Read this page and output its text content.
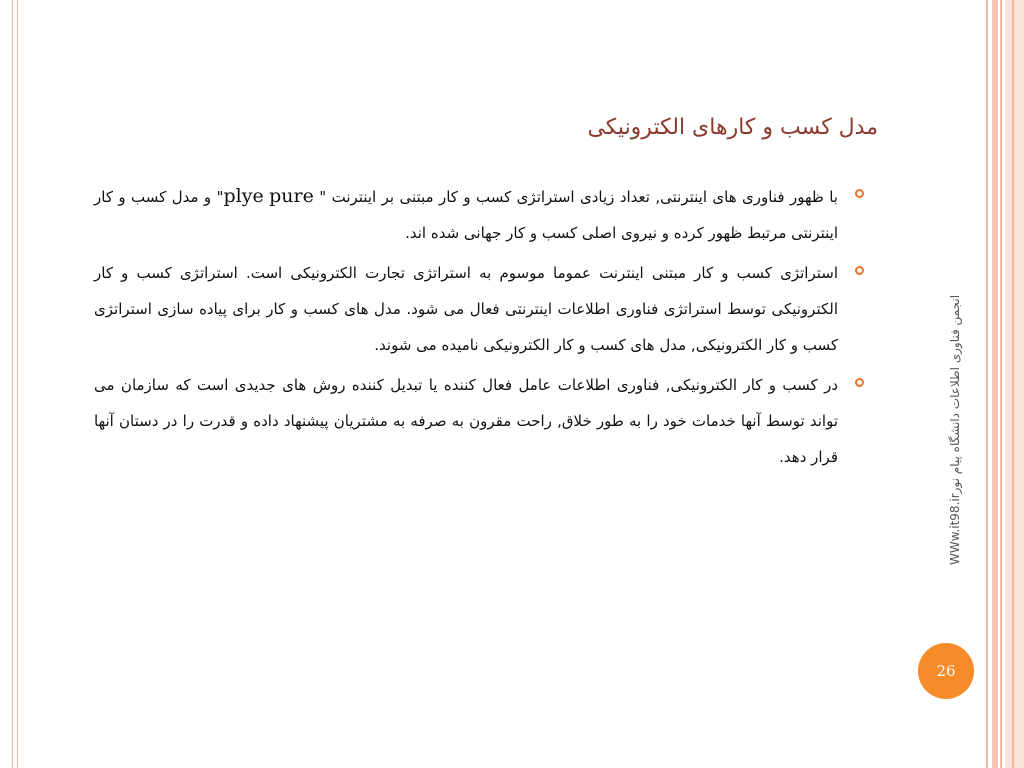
مدل کسب و کارهای الکترونیکی
با ظهور فناوری های اینترنتی, تعداد زیادی استراتژی کسب و کار مبتنی بر اینترنت " pure plye" و مدل کسب و کار اینترنتی مرتبط ظهور کرده و نیروی اصلی کسب و کار جهانی شده اند.
استراتژی کسب و کار مبتنی اینترنت عموما موسوم به استراتژی تجارت الکترونیکی است. استراتژی کسب و کار الکترونیکی توسط استراتژی فناوری اطلاعات اینترنتی فعال می شود. مدل های کسب و کار برای پیاده سازی استراتژی کسب و کار الکترونیکی, مدل های کسب و کار الکترونیکی نامیده می شوند.
در کسب و کار الکترونیکی, فناوری اطلاعات عامل فعال کننده یا تبدیل کننده روش های جدیدی است که سازمان می تواند توسط آنها خدمات خود را به طور خلاق, راحت مقرون به صرفه به مشتریان پیشنهاد داده و قدرت را در دستان آنها قرار دهد.
WWw.it98.irانجمن فناوری اطلاعات دانشگاه پیام نور
26
